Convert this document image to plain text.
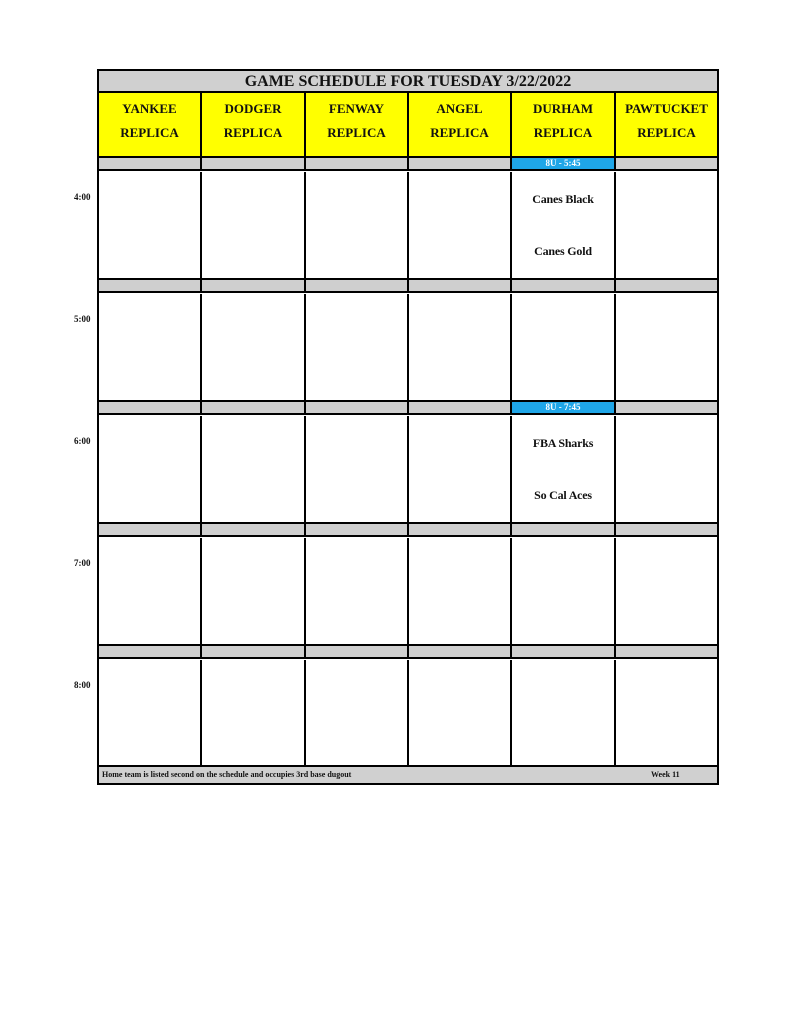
GAME SCHEDULE FOR TUESDAY 3/22/2022
YANKEE
REPLICA
DODGER
REPLICA
FENWAY
REPLICA
ANGEL
REPLICA
DURHAM
REPLICA
PAWTUCKET
REPLICA
8U - 5:45
Canes Black
Canes Gold
8U - 7:45
FBA Sharks
So Cal Aces
Home team is listed second on the schedule and occupies 3rd base dugout	Week 11
4:00
5:00
6:00
7:00
8:00
